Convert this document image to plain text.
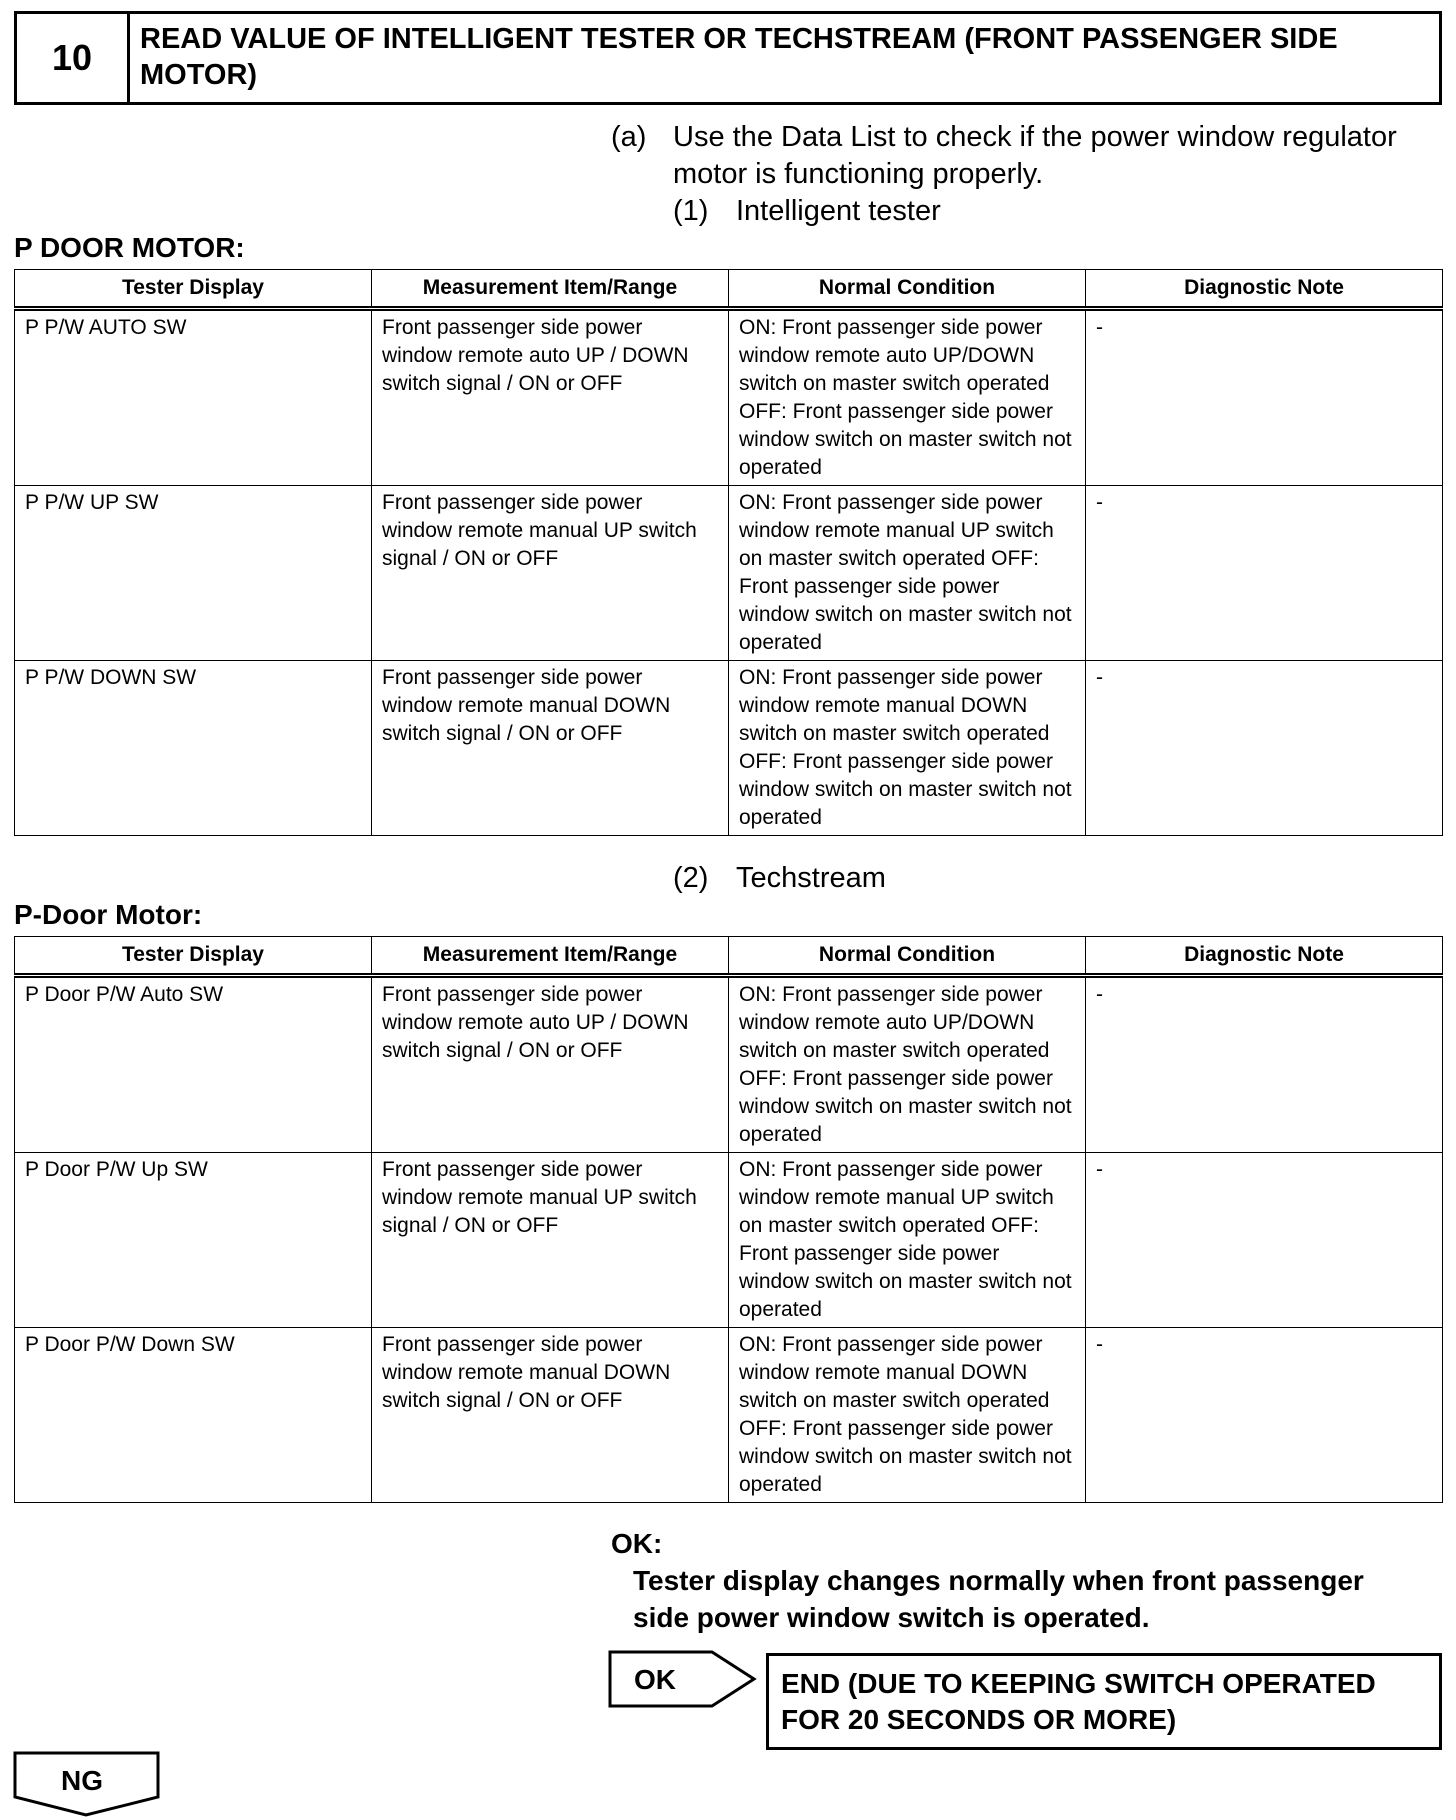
10	READ VALUE OF INTELLIGENT TESTER OR TECHSTREAM (FRONT PASSENGER SIDE MOTOR)
(a) Use the Data List to check if the power window regulator
motor is functioning properly.
(1) Intelligent tester
P DOOR MOTOR:
Tester Display	Measurement Item/Range	Normal Condition	Diagnostic Note
P P/W AUTO SW	Front passenger side power window remote auto UP / DOWN switch signal / ON or OFF	ON: Front passenger side power window remote auto UP/DOWN switch on master switch operated OFF: Front passenger side power window switch on master switch not operated	-
P P/W UP SW	Front passenger side power window remote manual UP switch signal / ON or OFF	ON: Front passenger side power window remote manual UP switch on master switch operated OFF: Front passenger side power window switch on master switch not operated	-
P P/W DOWN SW	Front passenger side power window remote manual DOWN switch signal / ON or OFF	ON: Front passenger side power window remote manual DOWN switch on master switch operated OFF: Front passenger side power window switch on master switch not operated	-
(2) Techstream
P-Door Motor:
Tester Display	Measurement Item/Range	Normal Condition	Diagnostic Note
P Door P/W Auto SW	Front passenger side power window remote auto UP / DOWN switch signal / ON or OFF	ON: Front passenger side power window remote auto UP/DOWN switch on master switch operated OFF: Front passenger side power window switch on master switch not operated	-
P Door P/W Up SW	Front passenger side power window remote manual UP switch signal / ON or OFF	ON: Front passenger side power window remote manual UP switch on master switch operated OFF: Front passenger side power window switch on master switch not operated	-
P Door P/W Down SW	Front passenger side power window remote manual DOWN switch signal / ON or OFF	ON: Front passenger side power window remote manual DOWN switch on master switch operated OFF: Front passenger side power window switch on master switch not operated	-
OK:
Tester display changes normally when front passenger
side power window switch is operated.
OK	END (DUE TO KEEPING SWITCH OPERATED
FOR 20 SECONDS OR MORE)
NG
